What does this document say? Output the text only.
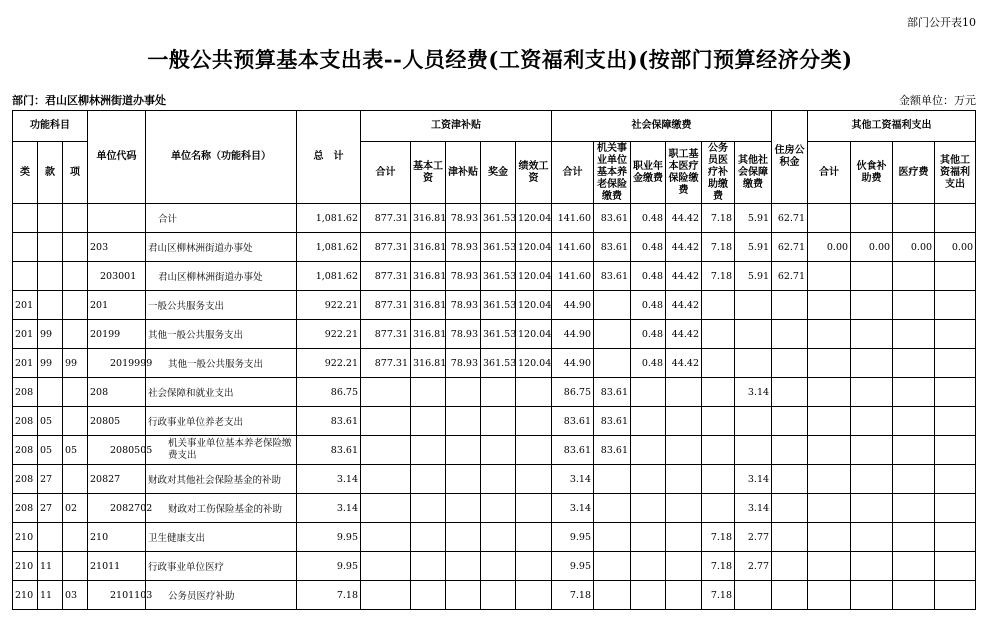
部门公开表10
一般公共预算基本支出表--人员经费(工资福利支出)(按部门预算经济分类)
部门：君山区柳林洲街道办事处	金额单位：万元
功能科目			单位代码	单位名称（功能科目）	总　计	工资津补贴					社会保障缴费						住房公积金	其他工资福利支出			
类	款	项				合计	基本工资	津补贴	奖金	绩效工资	合计	机关事业单位基本养老保险缴费	职业年金缴费	职工基本医疗保险缴费	公务员医疗补助缴费	其他社会保障缴费		合计	伙食补助费	医疗费	其他工资福利支出
				合计	1,081.62	877.31	316.81	78.93	361.53	120.04	141.60	83.61	0.48	44.42	7.18	5.91	62.71				
			203	君山区柳林洲街道办事处	1,081.62	877.31	316.81	78.93	361.53	120.04	141.60	83.61	0.48	44.42	7.18	5.91	62.71	0.00	0.00	0.00	0.00
			203001	君山区柳林洲街道办事处	1,081.62	877.31	316.81	78.93	361.53	120.04	141.60	83.61	0.48	44.42	7.18	5.91	62.71				
201			201	一般公共服务支出	922.21	877.31	316.81	78.93	361.53	120.04	44.90		0.48	44.42							
201	99		20199	其他一般公共服务支出	922.21	877.31	316.81	78.93	361.53	120.04	44.90		0.48	44.42							
201	99	99	2019999	其他一般公共服务支出	922.21	877.31	316.81	78.93	361.53	120.04	44.90		0.48	44.42							
208			208	社会保障和就业支出	86.75						86.75	83.61				3.14					
208	05		20805	行政事业单位养老支出	83.61						83.61	83.61									
208	05	05	2080505	机关事业单位基本养老保险缴费支出	83.61						83.61	83.61									
208	27		20827	财政对其他社会保险基金的补助	3.14						3.14					3.14					
208	27	02	2082702	财政对工伤保险基金的补助	3.14						3.14					3.14					
210			210	卫生健康支出	9.95						9.95				7.18	2.77					
210	11		21011	行政事业单位医疗	9.95						9.95				7.18	2.77					
210	11	03	2101103	公务员医疗补助	7.18						7.18				7.18						
